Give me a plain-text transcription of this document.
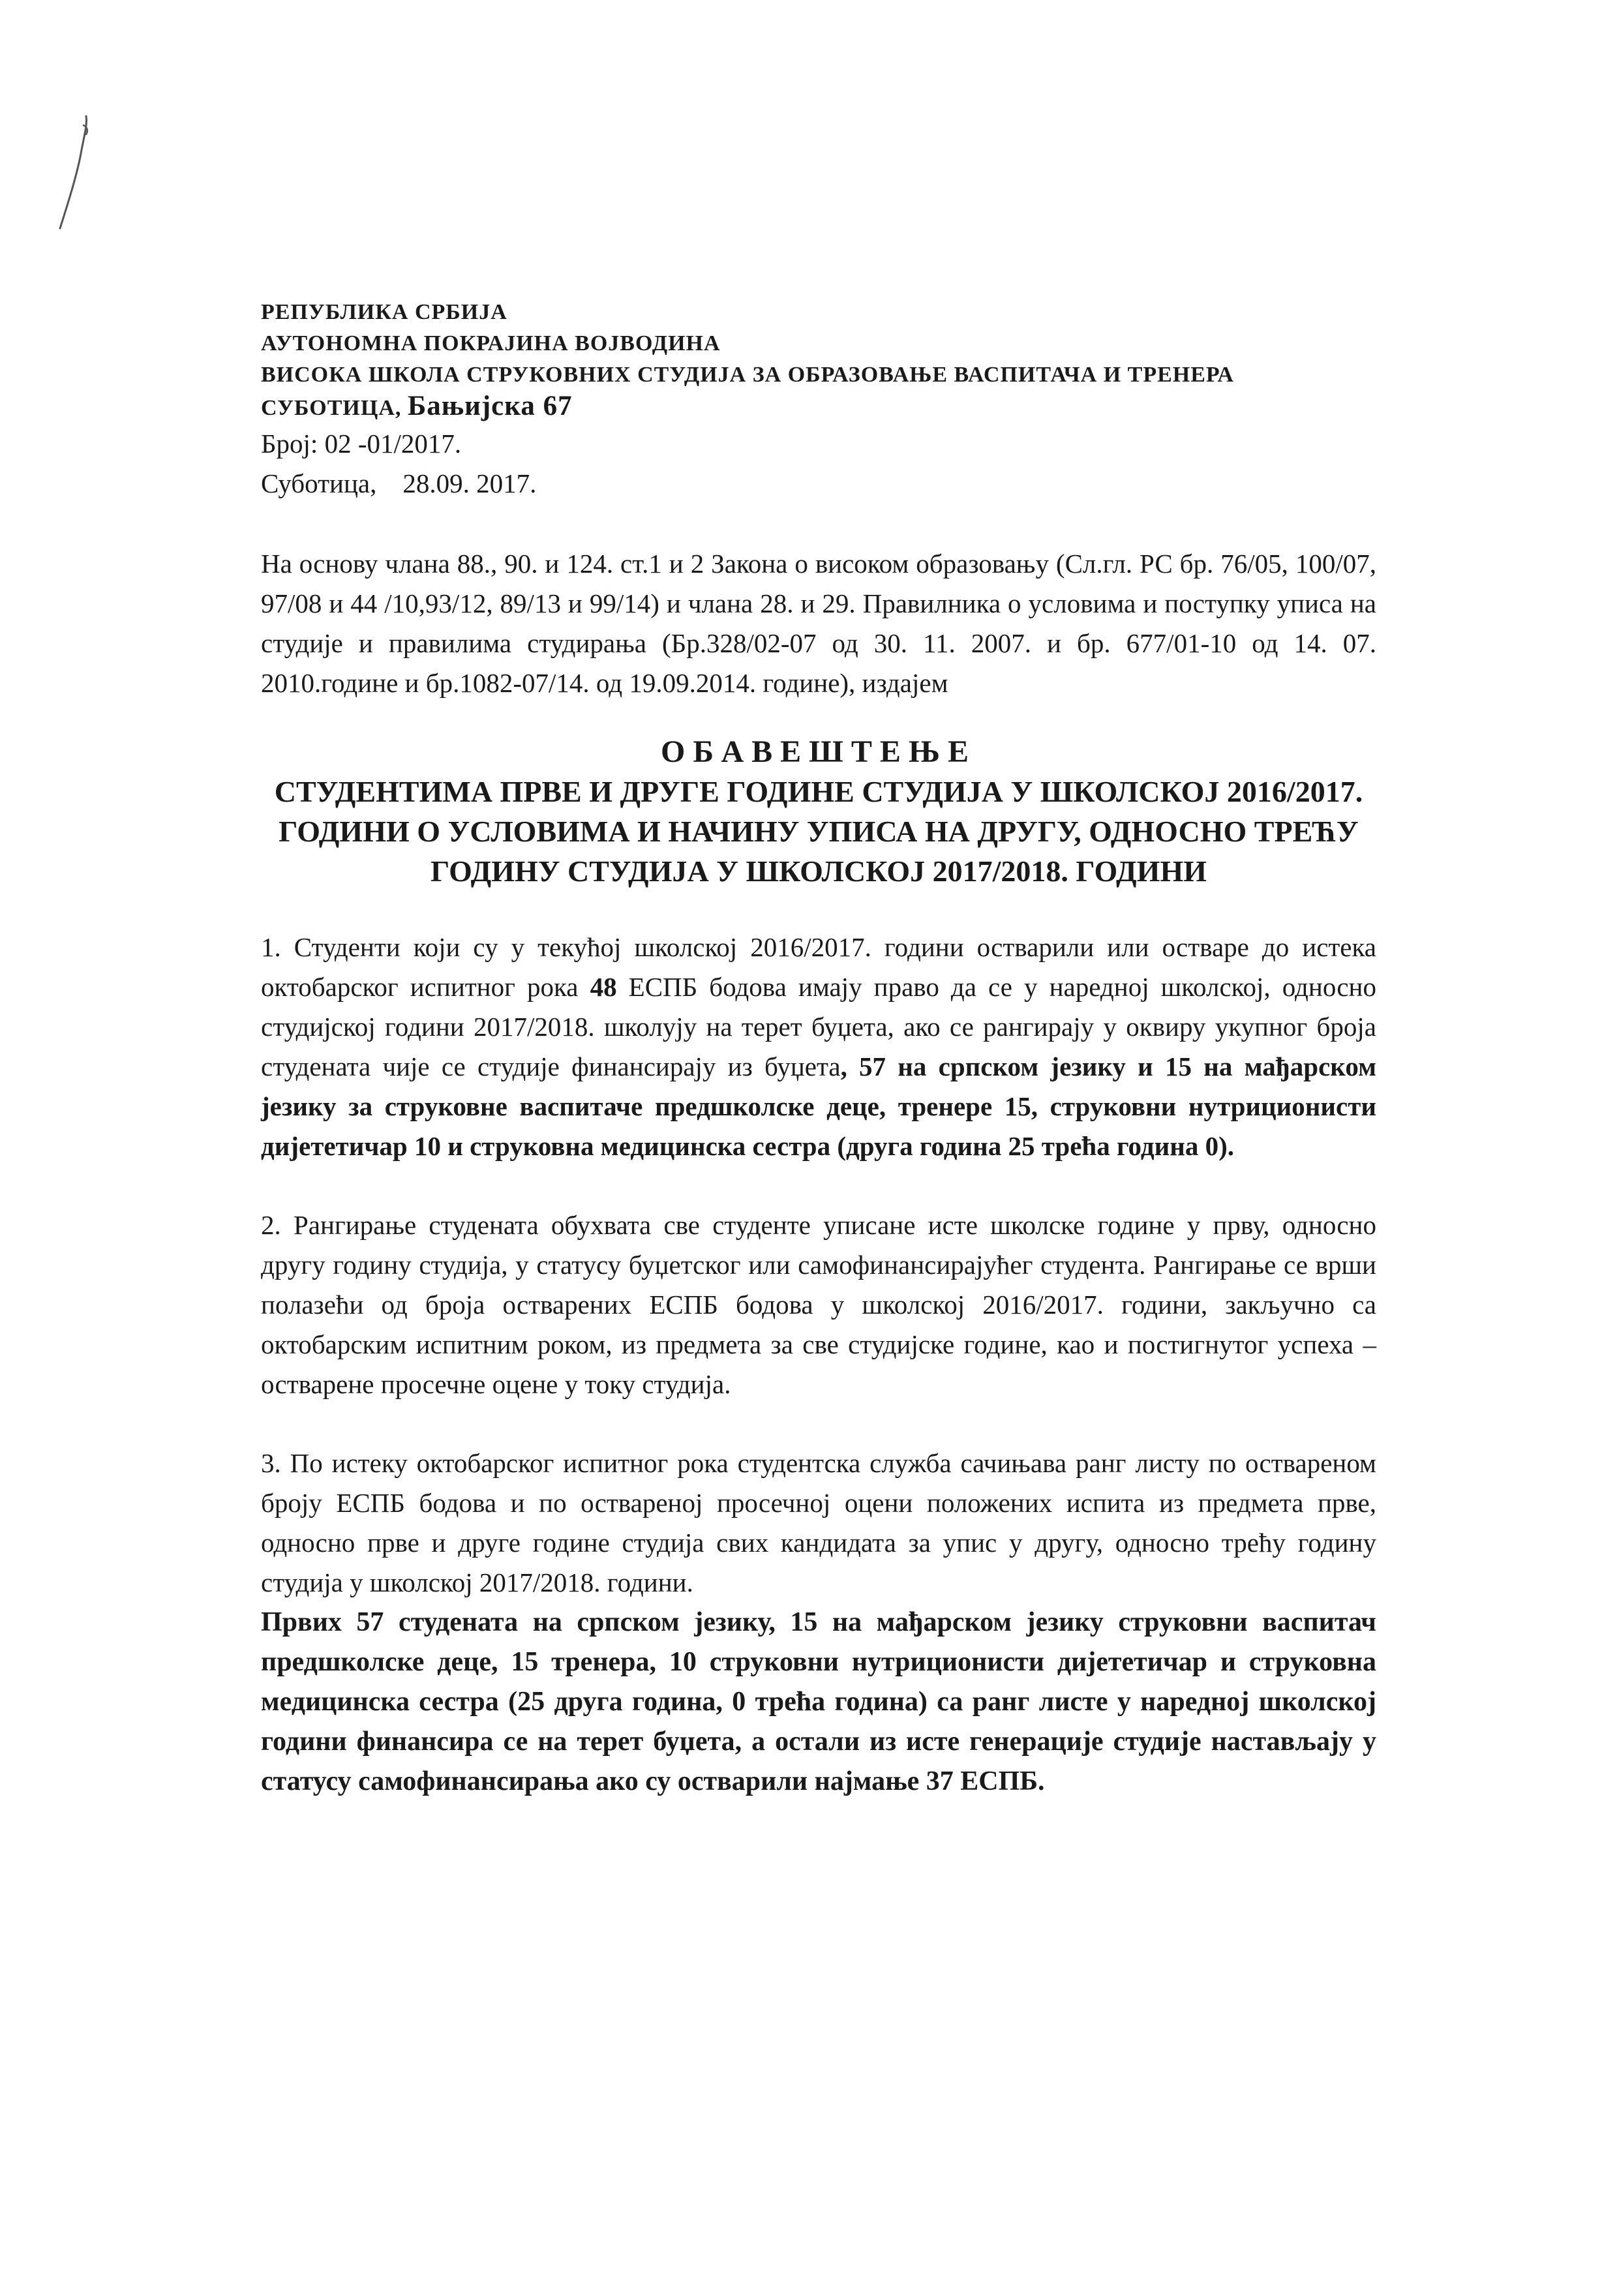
РЕПУБЛИКА СРБИЈА
АУТОНОМНА ПОКРАЈИНА ВОЈВОДИНА
ВИСОКА ШКОЛА СТРУКОВНИХ СТУДИЈА ЗА ОБРАЗОВАЊЕ ВАСПИТАЧА И ТРЕНЕРА
СУБОТИЦА, Бањиjска 67
Број: 02 -01/2017.
Суботица, 28.09. 2017.
На основу члана 88., 90. и 124. ст.1 и 2 Закона о високом образовању (Сл.гл. РС бр. 76/05, 100/07, 97/08 и 44 /10,93/12, 89/13 и 99/14) и члана 28. и 29. Правилника о условима и поступку уписа на студије и правилима студирања (Бр.328/02-07 од 30. 11. 2007. и бр. 677/01-10 од 14. 07. 2010.године и бр.1082-07/14. од 19.09.2014. године), издајем
ОБАВЕШТЕЊЕ
СТУДЕНТИМА ПРВЕ И ДРУГЕ ГОДИНЕ СТУДИЈА У ШКОЛСКОЈ 2016/2017. ГОДИНИ О УСЛОВИМА И НАЧИНУ УПИСА НА ДРУГУ, ОДНОСНО ТРЕЋУ ГОДИНУ СТУДИЈА У ШКОЛСКОЈ 2017/2018. ГОДИНИ
1. Студенти који су у текућој школској 2016/2017. години остварили или остваре до истека октобарског испитног рока 48 ЕСПБ бодова имају право да се у наредној школској, односно студијској години 2017/2018. школују на терет буџета, ако се рангирају у оквиру укупног броја студената чије се студије финансирају из буџета, 57 на српском језику и 15 на мађарском језику за струковне васпитаче предшколске деце, тренере 15, струковни нутриционисти дијететичар 10 и струковна медицинска сестра (друга година 25 трећа година 0).
2. Рангирање студената обухвата све студенте уписане исте школске године у прву, односно другу годину студија, у статусу буџетског или самофинансирајућег студента. Рангирање се врши полазећи од броја остварених ЕСПБ бодова у школској 2016/2017. години, закључно са октобарским испитним роком, из предмета за све студијске године, као и постигнутог успеха – остварене просечне оцене у току студија.
3. По истеку октобарског испитног рока студентска служба сачињава ранг листу по оствареном броју ЕСПБ бодова и по оствареној просечној оцени положених испита из предмета прве, односно прве и друге године студија свих кандидата за упис у другу, односно трећу годину студија у школској 2017/2018. години.
Првих 57 студената на српском језику, 15 на мађарском језику струковни васпитач предшколске деце, 15 тренера, 10 струковни нутриционисти дијететичар и струковна медицинска сестра (25 друга година, 0 трећа година) са ранг листе у наредној школској години финансира се на терет буџета, а остали из исте генерације студије настављају у статусу самофинансирања ако су остварили најмање 37 ЕСПБ.
